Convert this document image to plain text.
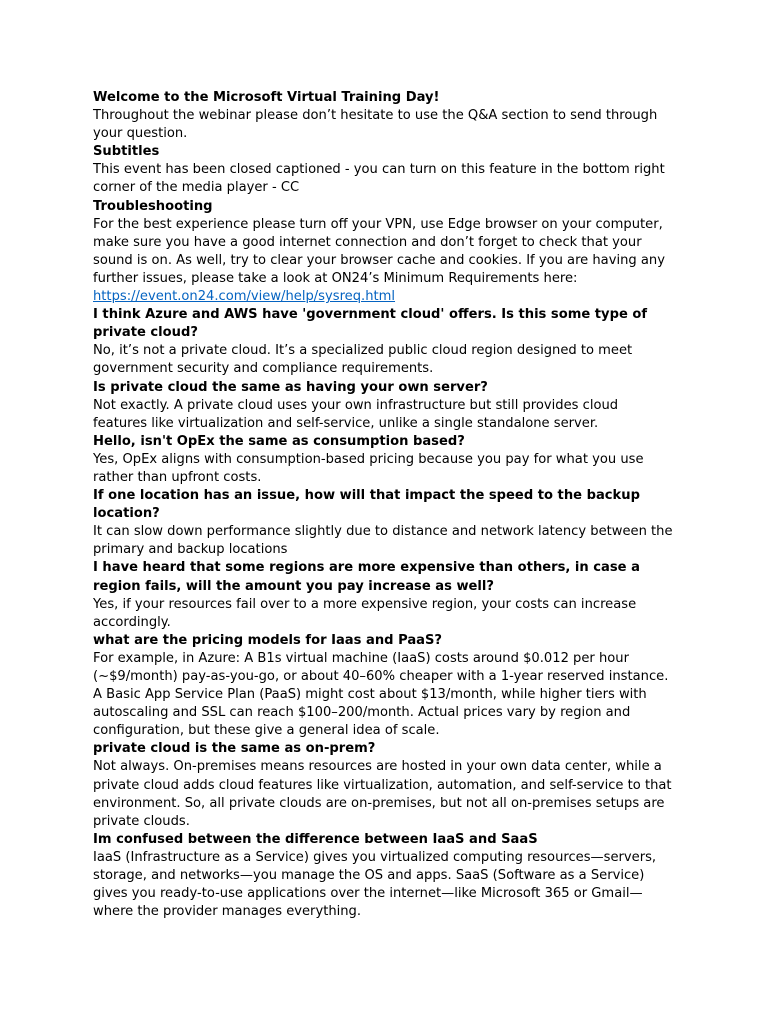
Welcome to the Microsoft Virtual Training Day!

Throughout the webinar please don’t hesitate to use the Q&A section to send through your question.

Subtitles

This event has been closed captioned - you can turn on this feature in the bottom right corner of the media player - CC

Troubleshooting

For the best experience please turn off your VPN, use Edge browser on your computer, make sure you have a good internet connection and don’t forget to check that your sound is on. As well, try to clear your browser cache and cookies. If you are having any further issues, please take a look at ON24’s Minimum Requirements here: https://event.on24.com/view/help/sysreq.html

I think Azure and AWS have 'government cloud' offers. Is this some type of private cloud?

No, it’s not a private cloud. It’s a specialized public cloud region designed to meet government security and compliance requirements.

Is private cloud the same as having your own server?

Not exactly. A private cloud uses your own infrastructure but still provides cloud features like virtualization and self-service, unlike a single standalone server.

Hello, isn't OpEx the same as consumption based?

Yes, OpEx aligns with consumption-based pricing because you pay for what you use rather than upfront costs.

If one location has an issue, how will that impact the speed to the backup location?

It can slow down performance slightly due to distance and network latency between the primary and backup locations

I have heard that some regions are more expensive than others, in case a region fails, will the amount you pay increase as well?

Yes, if your resources fail over to a more expensive region, your costs can increase accordingly.

what are the pricing models for Iaas and PaaS?

For example, in Azure: A B1s virtual machine (IaaS) costs around $0.012 per hour (~$9/month) pay-as-you-go, or about 40–60% cheaper with a 1-year reserved instance. A Basic App Service Plan (PaaS) might cost about $13/month, while higher tiers with autoscaling and SSL can reach $100–200/month. Actual prices vary by region and configuration, but these give a general idea of scale.

private cloud is the same as on-prem?

Not always. On-premises means resources are hosted in your own data center, while a private cloud adds cloud features like virtualization, automation, and self-service to that environment. So, all private clouds are on-premises, but not all on-premises setups are private clouds.

Im confused between the difference between IaaS and SaaS

IaaS (Infrastructure as a Service) gives you virtualized computing resources—servers, storage, and networks—you manage the OS and apps. SaaS (Software as a Service) gives you ready-to-use applications over the internet—like Microsoft 365 or Gmail—where the provider manages everything.
